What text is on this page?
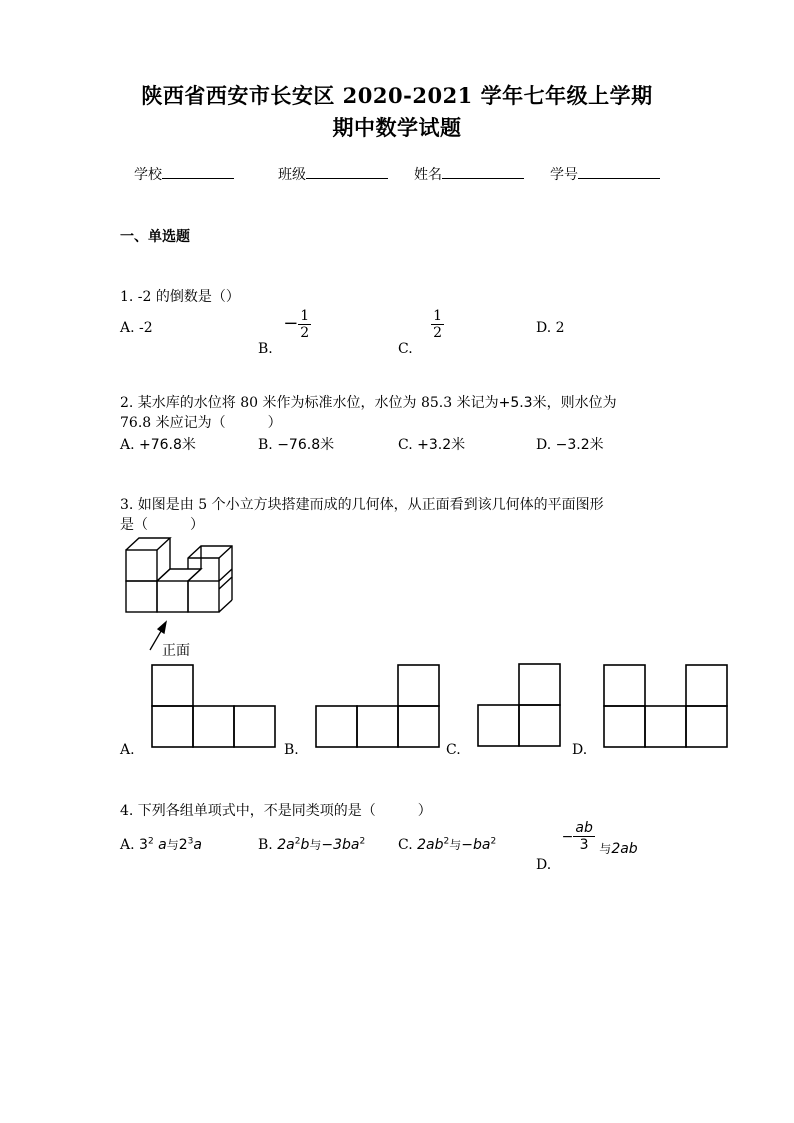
陕西省西安市长安区 2020-2021 学年七年级上学期
期中数学试题
学校	班级	姓名	学号
一、单选题
1. -2 的倒数是（）
A. -2
B. − $\frac{1}{2}$
C.
$\frac{1}{2}$	D. 2
2. 某水库的水位将 80 米作为标准水位，水位为 85.3 米记为+5.3米，则水位为
76.8 米应记为（　　　）
A. +76.8米	B. −76.8米	C. +3.2米	D. −3.2米
3. 如图是由 5 个小立方块搭建而成的几何体，从正面看到该几何体的平面图形
是（　　　）
正面
A.	B.	C.	D.
4. 下列各组单项式中，不是同类项的是（　　　）
A. $3^2$ a与$2^3a$	B. $2a^2b$与$-3ba^2$ C. $2ab^2$与$-ba^2$
D. − $\frac{ab}{3}$ 与2ab
